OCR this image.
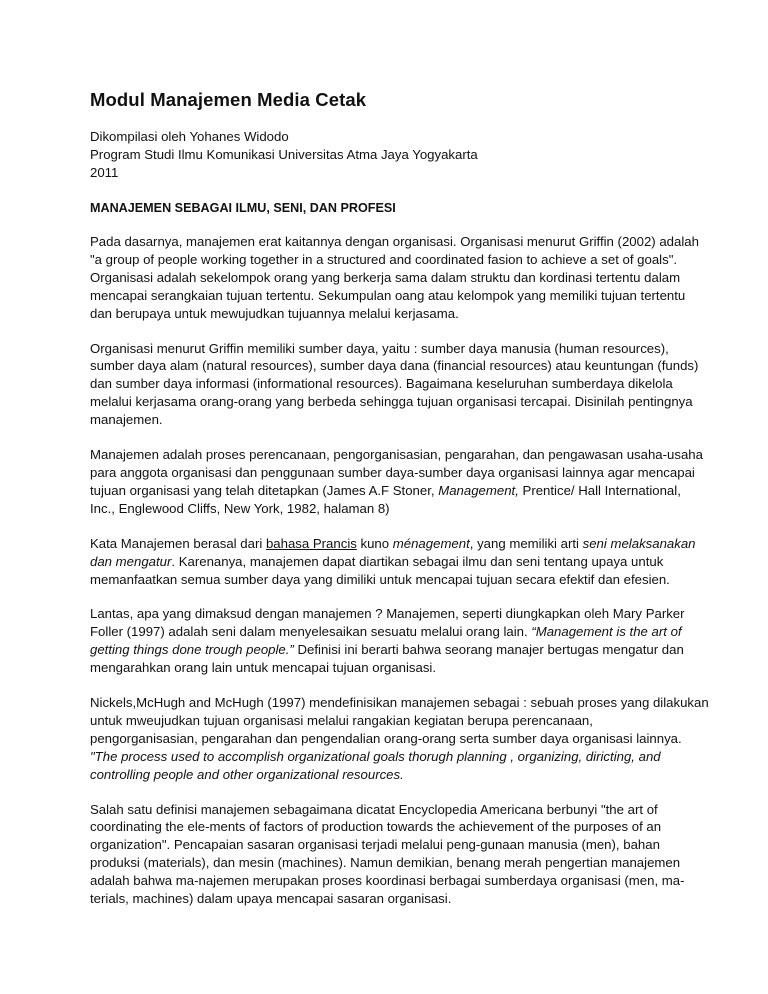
Modul Manajemen Media Cetak
Dikompilasi oleh Yohanes Widodo
Program Studi Ilmu Komunikasi Universitas Atma Jaya Yogyakarta
2011
MANAJEMEN SEBAGAI ILMU, SENI, DAN PROFESI

Pada dasarnya, manajemen erat kaitannya dengan organisasi. Organisasi menurut Griffin (2002) adalah
"a group of people working together in a structured and coordinated fasion to achieve a set of goals".
Organisasi adalah sekelompok orang yang berkerja sama dalam struktu dan kordinasi tertentu dalam
mencapai serangkaian tujuan tertentu. Sekumpulan oang atau kelompok yang memiliki tujuan tertentu
dan berupaya untuk mewujudkan tujuannya melalui kerjasama.

Organisasi menurut Griffin memiliki sumber daya, yaitu : sumber daya manusia (human resources),
sumber daya alam (natural resources), sumber daya dana (financial resources) atau keuntungan (funds)
dan sumber daya informasi (informational resources). Bagaimana keseluruhan sumberdaya dikelola
melalui kerjasama orang-orang yang berbeda sehingga tujuan organisasi tercapai. Disinilah pentingnya
manajemen.

Manajemen adalah proses perencanaan, pengorganisasian, pengarahan, dan pengawasan usaha-usaha
para anggota organisasi dan penggunaan sumber daya-sumber daya organisasi lainnya agar mencapai
tujuan organisasi yang telah ditetapkan (James A.F Stoner, Management, Prentice/ Hall International,
Inc., Englewood Cliffs, New York, 1982, halaman 8)

Kata Manajemen berasal dari bahasa Prancis kuno ménagement, yang memiliki arti seni melaksanakan
dan mengatur. Karenanya, manajemen dapat diartikan sebagai ilmu dan seni tentang upaya untuk
memanfaatkan semua sumber daya yang dimiliki untuk mencapai tujuan secara efektif dan efesien.

Lantas, apa yang dimaksud dengan manajemen ? Manajemen, seperti diungkapkan oleh Mary Parker
Foller (1997) adalah seni dalam menyelesaikan sesuatu melalui orang lain. “Management is the art of
getting things done trough people.” Definisi ini berarti bahwa seorang manajer bertugas mengatur dan
mengarahkan orang lain untuk mencapai tujuan organisasi.

Nickels,McHugh and McHugh (1997) mendefinisikan manajemen sebagai : sebuah proses yang dilakukan
untuk mweujudkan tujuan organisasi melalui rangakian kegiatan berupa perencanaan,
pengorganisasian, pengarahan dan pengendalian orang-orang serta sumber daya organisasi lainnya.
"The process used to accomplish organizational goals thorugh planning , organizing, diricting, and
controlling people and other organizational resources.

Salah satu definisi manajemen sebagaimana dicatat Encyclopedia Americana berbunyi "the art of
coordinating the ele-ments of factors of production towards the achievement of the purposes of an
organization". Pencapaian sasaran organisasi terjadi melalui peng-gunaan manusia (men), bahan
produksi (materials), dan mesin (machines). Namun demikian, benang merah pengertian manajemen
adalah bahwa ma-najemen merupakan proses koordinasi berbagai sumberdaya organisasi (men, ma-
terials, machines) dalam upaya mencapai sasaran organisasi.
